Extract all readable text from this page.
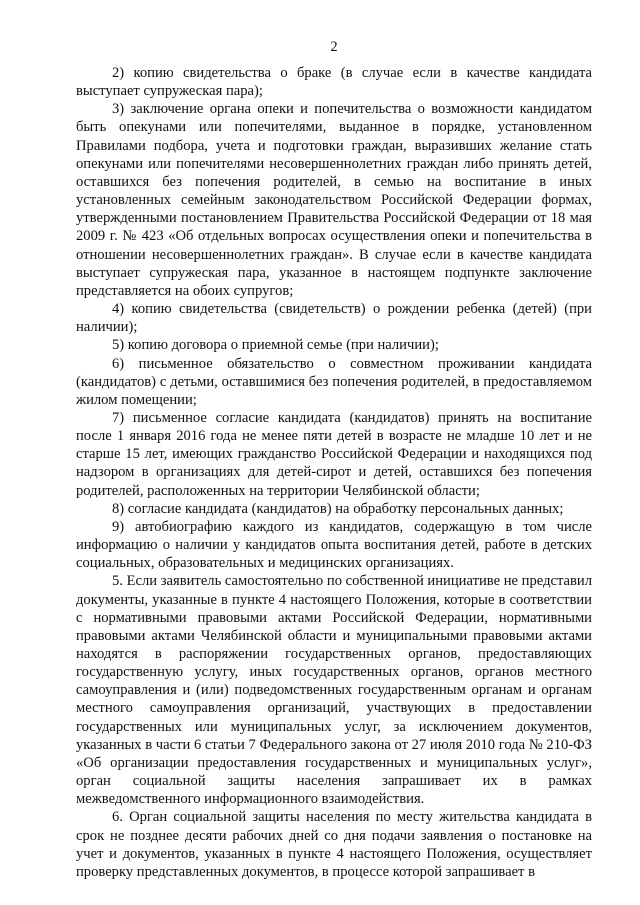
2

2) копию свидетельства о браке (в случае если в качестве кандидата выступает супружеская пара);

3) заключение органа опеки и попечительства о возможности кандидатом быть опекунами или попечителями, выданное в порядке, установленном Правилами подбора, учета и подготовки граждан, выразивших желание стать опекунами или попечителями несовершеннолетних граждан либо принять детей, оставшихся без попечения родителей, в семью на воспитание в иных установленных семейным законодательством Российской Федерации формах, утвержденными постановлением Правительства Российской Федерации от 18 мая 2009 г. № 423 «Об отдельных вопросах осуществления опеки и попечительства в отношении несовершеннолетних граждан». В случае если в качестве кандидата выступает супружеская пара, указанное в настоящем подпункте заключение представляется на обоих супругов;

4) копию свидетельства (свидетельств) о рождении ребенка (детей) (при наличии);

5) копию договора о приемной семье (при наличии);

6) письменное обязательство о совместном проживании кандидата (кандидатов) с детьми, оставшимися без попечения родителей, в предоставляемом жилом помещении;

7) письменное согласие кандидата (кандидатов) принять на воспитание после 1 января 2016 года не менее пяти детей в возрасте не младше 10 лет и не старше 15 лет, имеющих гражданство Российской Федерации и находящихся под надзором в организациях для детей-сирот и детей, оставшихся без попечения родителей, расположенных на территории Челябинской области;

8) согласие кандидата (кандидатов) на обработку персональных данных;

9) автобиографию каждого из кандидатов, содержащую в том числе информацию о наличии у кандидатов опыта воспитания детей, работе в детских социальных, образовательных и медицинских организациях.

5. Если заявитель самостоятельно по собственной инициативе не представил документы, указанные в пункте 4 настоящего Положения, которые в соответствии с нормативными правовыми актами Российской Федерации, нормативными правовыми актами Челябинской области и муниципальными правовыми актами находятся в распоряжении государственных органов, предоставляющих государственную услугу, иных государственных органов, органов местного самоуправления и (или) подведомственных государственным органам и органам местного самоуправления организаций, участвующих в предоставлении государственных или муниципальных услуг, за исключением документов, указанных в части 6 статьи 7 Федерального закона от 27 июля 2010 года № 210-ФЗ «Об организации предоставления государственных и муниципальных услуг», орган социальной защиты населения запрашивает их в рамках межведомственного информационного взаимодействия.

6. Орган социальной защиты населения по месту жительства кандидата в срок не позднее десяти рабочих дней со дня подачи заявления о постановке на учет и документов, указанных в пункте 4 настоящего Положения, осуществляет проверку представленных документов, в процессе которой запрашивает в
